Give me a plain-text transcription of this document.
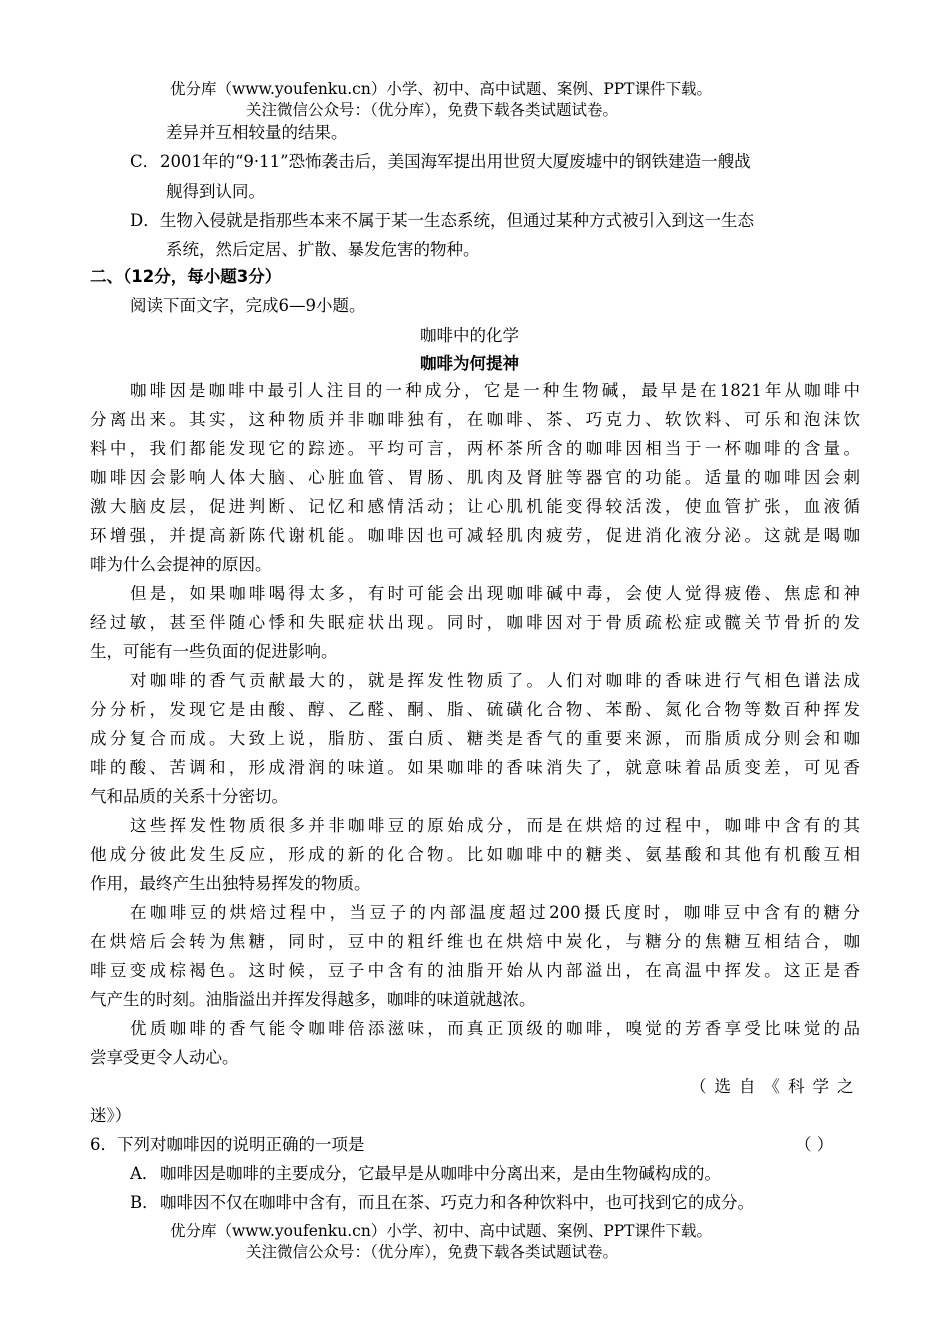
优分库（www.youfenku.cn）小学、初中、高中试题、案例、PPT课件下载。
关注微信公众号：（优分库），免费下载各类试题试卷。
差异并互相较量的结果。
C． 2001年的“9·11”恐怖袭击后，美国海军提出用世贸大厦废墟中的钢铁建造一艘战
舰得到认同。
D． 生物入侵就是指那些本来不属于某一生态系统，但通过某种方式被引入到这一生态
系统，然后定居、扩散、暴发危害的物种。
二、（12分，每小题3分）
阅读下面文字，完成6—9小题。
咖啡中的化学
咖啡为何提神
咖啡因是咖啡中最引人注目的一种成分，它是一种生物碱，最早是在1821年从咖啡中
分离出来。其实，这种物质并非咖啡独有，在咖啡、茶、巧克力、软饮料、可乐和泡沫饮
料中，我们都能发现它的踪迹。平均可言，两杯茶所含的咖啡因相当于一杯咖啡的含量。
咖啡因会影响人体大脑、心脏血管、胃肠、肌肉及肾脏等器官的功能。适量的咖啡因会刺
激大脑皮层，促进判断、记忆和感情活动；让心肌机能变得较活泼，使血管扩张，血液循
环增强，并提高新陈代谢机能。咖啡因也可减轻肌肉疲劳，促进消化液分泌。这就是喝咖
啡为什么会提神的原因。
但是，如果咖啡喝得太多，有时可能会出现咖啡碱中毒，会使人觉得疲倦、焦虑和神
经过敏，甚至伴随心悸和失眠症状出现。同时，咖啡因对于骨质疏松症或髋关节骨折的发
生，可能有一些负面的促进影响。
对咖啡的香气贡献最大的，就是挥发性物质了。人们对咖啡的香味进行气相色谱法成
分分析，发现它是由酸、醇、乙醛、酮、脂、硫磺化合物、苯酚、氮化合物等数百种挥发
成分复合而成。大致上说，脂肪、蛋白质、糖类是香气的重要来源，而脂质成分则会和咖
啡的酸、苦调和，形成滑润的味道。如果咖啡的香味消失了，就意味着品质变差，可见香
气和品质的关系十分密切。
这些挥发性物质很多并非咖啡豆的原始成分，而是在烘焙的过程中，咖啡中含有的其
他成分彼此发生反应，形成的新的化合物。比如咖啡中的糖类、氨基酸和其他有机酸互相
作用，最终产生出独特易挥发的物质。
在咖啡豆的烘焙过程中，当豆子的内部温度超过200摄氏度时，咖啡豆中含有的糖分
在烘焙后会转为焦糖，同时，豆中的粗纤维也在烘焙中炭化，与糖分的焦糖互相结合，咖
啡豆变成棕褐色。这时候，豆子中含有的油脂开始从内部溢出，在高温中挥发。这正是香
气产生的时刻。油脂溢出并挥发得越多，咖啡的味道就越浓。
优质咖啡的香气能令咖啡倍添滋味，而真正顶级的咖啡，嗅觉的芳香享受比味觉的品
尝享受更令人动心。
（选自《科学之
迷》）
6．下列对咖啡因的说明正确的一项是	（ ）
A． 咖啡因是咖啡的主要成分，它最早是从咖啡中分离出来，是由生物碱构成的。
B． 咖啡因不仅在咖啡中含有，而且在茶、巧克力和各种饮料中，也可找到它的成分。
优分库（www.youfenku.cn）小学、初中、高中试题、案例、PPT课件下载。
关注微信公众号：（优分库），免费下载各类试题试卷。
